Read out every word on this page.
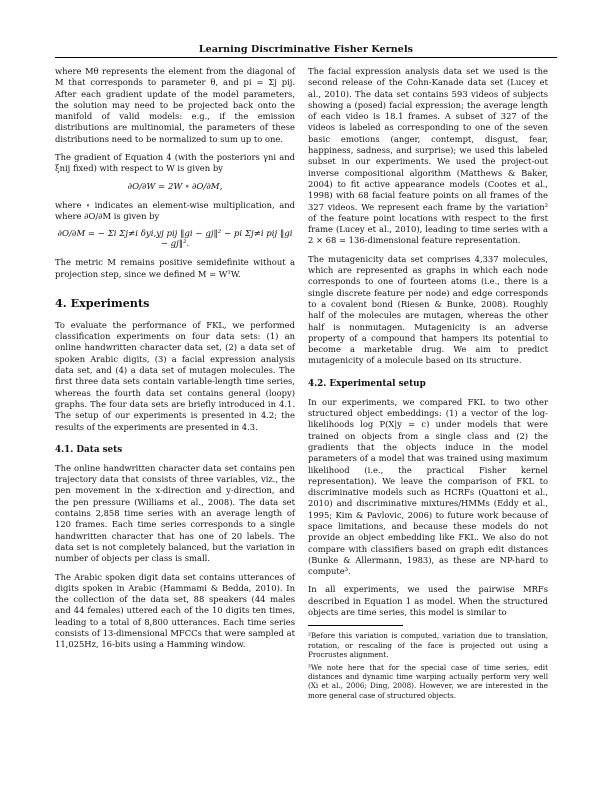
Learning Discriminative Fisher Kernels

where Mθ represents the element from the diagonal of M that corresponds to parameter θ, and pi = Σj pij. After each gradient update of the model parameters, the solution may need to be projected back onto the manifold of valid models: e.g., if the emission distributions are multinomial, the parameters of these distributions need to be normalized to sum up to one.

The gradient of Equation 4 (with the posteriors γni and ξnij fixed) with respect to W is given by

∂O/∂W = 2W ∘ ∂O/∂M,

where ∘ indicates an element-wise multiplication, and where ∂O/∂M is given by

∂O/∂M = − Σi Σj≠i δyi,yj pij ‖gi − gj‖² − pi Σj≠i pij ‖gi − gj‖².

The metric M remains positive semidefinite without a projection step, since we defined M = WᵀW.

4. Experiments

To evaluate the performance of FKL, we performed classification experiments on four data sets: (1) an online handwritten character data set, (2) a data set of spoken Arabic digits, (3) a facial expression analysis data set, and (4) a data set of mutagen molecules. The first three data sets contain variable-length time series, whereas the fourth data set contains general (loopy) graphs. The four data sets are briefly introduced in 4.1. The setup of our experiments is presented in 4.2; the results of the experiments are presented in 4.3.

4.1. Data sets

The online handwritten character data set contains pen trajectory data that consists of three variables, viz., the pen movement in the x-direction and y-direction, and the pen pressure (Williams et al., 2008). The data set contains 2,858 time series with an average length of 120 frames. Each time series corresponds to a single handwritten character that has one of 20 labels. The data set is not completely balanced, but the variation in number of objects per class is small.

The Arabic spoken digit data set contains utterances of digits spoken in Arabic (Hammami & Bedda, 2010). In the collection of the data set, 88 speakers (44 males and 44 females) uttered each of the 10 digits ten times, leading to a total of 8,800 utterances. Each time series consists of 13-dimensional MFCCs that were sampled at 11,025Hz, 16-bits using a Hamming window.

The facial expression analysis data set we used is the second release of the Cohn-Kanade data set (Lucey et al., 2010). The data set contains 593 videos of subjects showing a (posed) facial expression; the average length of each video is 18.1 frames. A subset of 327 of the videos is labeled as corresponding to one of the seven basic emotions (anger, contempt, disgust, fear, happiness, sadness, and surprise); we used this labeled subset in our experiments. We used the project-out inverse compositional algorithm (Matthews & Baker, 2004) to fit active appearance models (Cootes et al., 1998) with 68 facial feature points on all frames of the 327 videos. We represent each frame by the variation² of the feature point locations with respect to the first frame (Lucey et al., 2010), leading to time series with a 2 × 68 = 136-dimensional feature representation.

The mutagenicity data set comprises 4,337 molecules, which are represented as graphs in which each node corresponds to one of fourteen atoms (i.e., there is a single discrete feature per node) and edge corresponds to a covalent bond (Riesen & Bunke, 2008). Roughly half of the molecules are mutagen, whereas the other half is nonmutagen. Mutagenicity is an adverse property of a compound that hampers its potential to become a marketable drug. We aim to predict mutagenicity of a molecule based on its structure.

4.2. Experimental setup

In our experiments, we compared FKL to two other structured object embeddings: (1) a vector of the log-likelihoods log P(X|y = c) under models that were trained on objects from a single class and (2) the gradients that the objects induce in the model parameters of a model that was trained using maximum likelihood (i.e., the practical Fisher kernel representation). We leave the comparison of FKL to discriminative models such as HCRFs (Quattoni et al., 2010) and discriminative mixtures/HMMs (Eddy et al., 1995; Kim & Pavlovic, 2006) to future work because of space limitations, and because these models do not provide an object embedding like FKL. We also do not compare with classifiers based on graph edit distances (Bunke & Allermann, 1983), as these are NP-hard to compute³.

In all experiments, we used the pairwise MRFs described in Equation 1 as model. When the structured objects are time series, this model is similar to

²Before this variation is computed, variation due to translation, rotation, or rescaling of the face is projected out using a Procrustes alignment.

³We note here that for the special case of time series, edit distances and dynamic time warping actually perform very well (Xi et al., 2006; Ding, 2008). However, we are interested in the more general case of structured objects.
